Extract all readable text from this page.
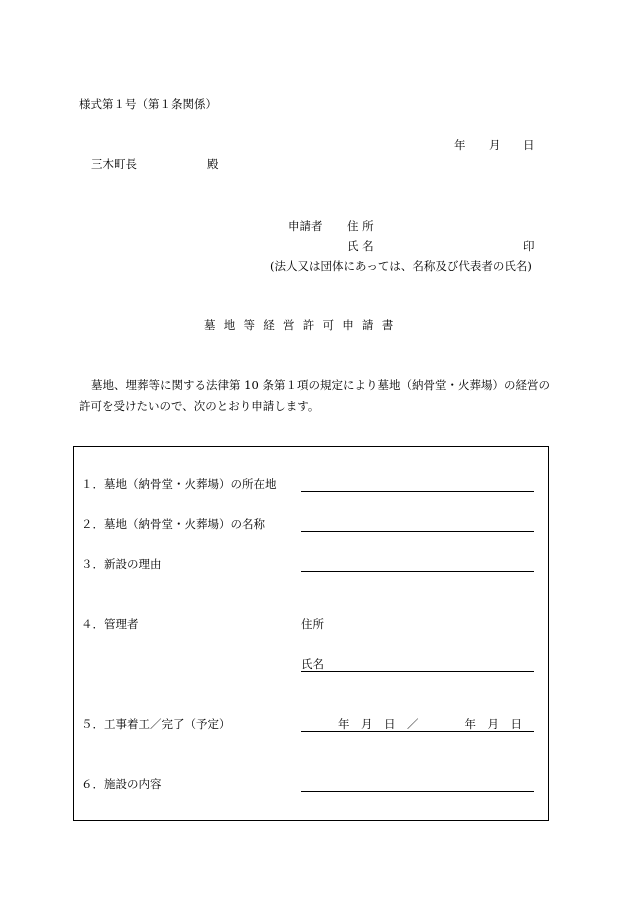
様式第１号（第１条関係）
年 月 日
三木町長	殿
申請者 住 所
氏 名	印
(法人又は団体にあっては、名称及び代表者の氏名)
墓 地 等 経 営 許 可 申 請 書
墓地、埋葬等に関する法律第 10 条第１項の規定により墓地（納骨堂・火葬場）の経営の
許可を受けたいので、次のとおり申請します。
１．墓地（納骨堂・火葬場）の所在地
２．墓地（納骨堂・火葬場）の名称
３．新設の理由
４．管理者	住所
氏名
５．工事着工／完了（予定）	年　月　日　／　　　　年　月　日
６．施設の内容
